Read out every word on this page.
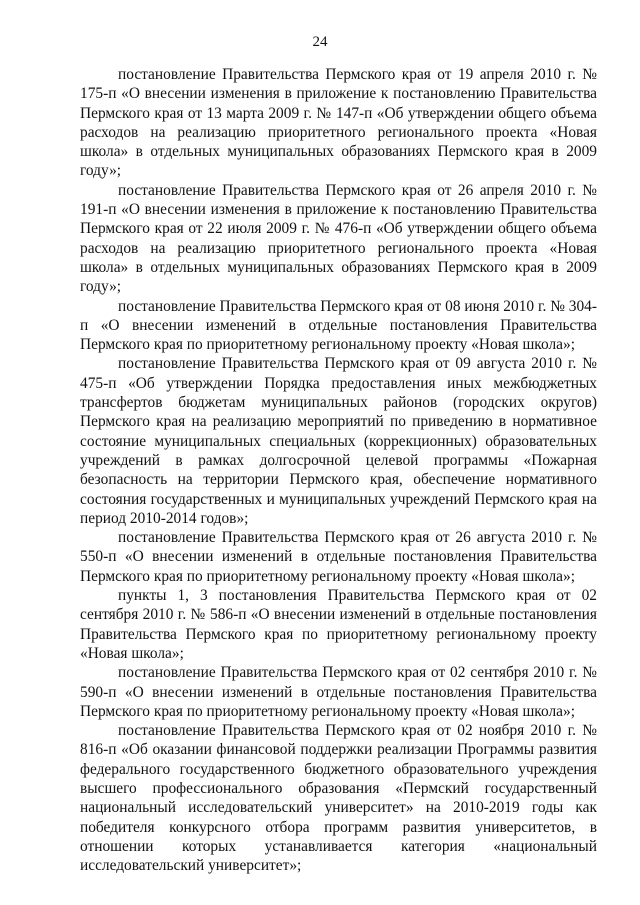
24

постановление Правительства Пермского края от 19 апреля 2010 г. № 175-п «О внесении изменения в приложение к постановлению Правительства Пермского края от 13 марта 2009 г. № 147-п «Об утверждении общего объема расходов на реализацию приоритетного регионального проекта «Новая школа» в отдельных муниципальных образованиях Пермского края в 2009 году»;

постановление Правительства Пермского края от 26 апреля 2010 г. № 191-п «О внесении изменения в приложение к постановлению Правительства Пермского края от 22 июля 2009 г. № 476-п «Об утверждении общего объема расходов на реализацию приоритетного регионального проекта «Новая школа» в отдельных муниципальных образованиях Пермского края в 2009 году»;

постановление Правительства Пермского края от 08 июня 2010 г. № 304-п «О внесении изменений в отдельные постановления Правительства Пермского края по приоритетному региональному проекту «Новая школа»;

постановление Правительства Пермского края от 09 августа 2010 г. № 475-п «Об утверждении Порядка предоставления иных межбюджетных трансфертов бюджетам муниципальных районов (городских округов) Пермского края на реализацию мероприятий по приведению в нормативное состояние муниципальных специальных (коррекционных) образовательных учреждений в рамках долгосрочной целевой программы «Пожарная безопасность на территории Пермского края, обеспечение нормативного состояния государственных и муниципальных учреждений Пермского края на период 2010-2014 годов»;

постановление Правительства Пермского края от 26 августа 2010 г. № 550-п «О внесении изменений в отдельные постановления Правительства Пермского края по приоритетному региональному проекту «Новая школа»;

пункты 1, 3 постановления Правительства Пермского края от 02 сентября 2010 г. № 586-п «О внесении изменений в отдельные постановления Правительства Пермского края по приоритетному региональному проекту «Новая школа»;

постановление Правительства Пермского края от 02 сентября 2010 г. № 590-п «О внесении изменений в отдельные постановления Правительства Пермского края по приоритетному региональному проекту «Новая школа»;

постановление Правительства Пермского края от 02 ноября 2010 г. № 816-п «Об оказании финансовой поддержки реализации Программы развития федерального государственного бюджетного образовательного учреждения высшего профессионального образования «Пермский государственный национальный исследовательский университет» на 2010-2019 годы как победителя конкурсного отбора программ развития университетов, в отношении которых устанавливается категория «национальный исследовательский университет»;
